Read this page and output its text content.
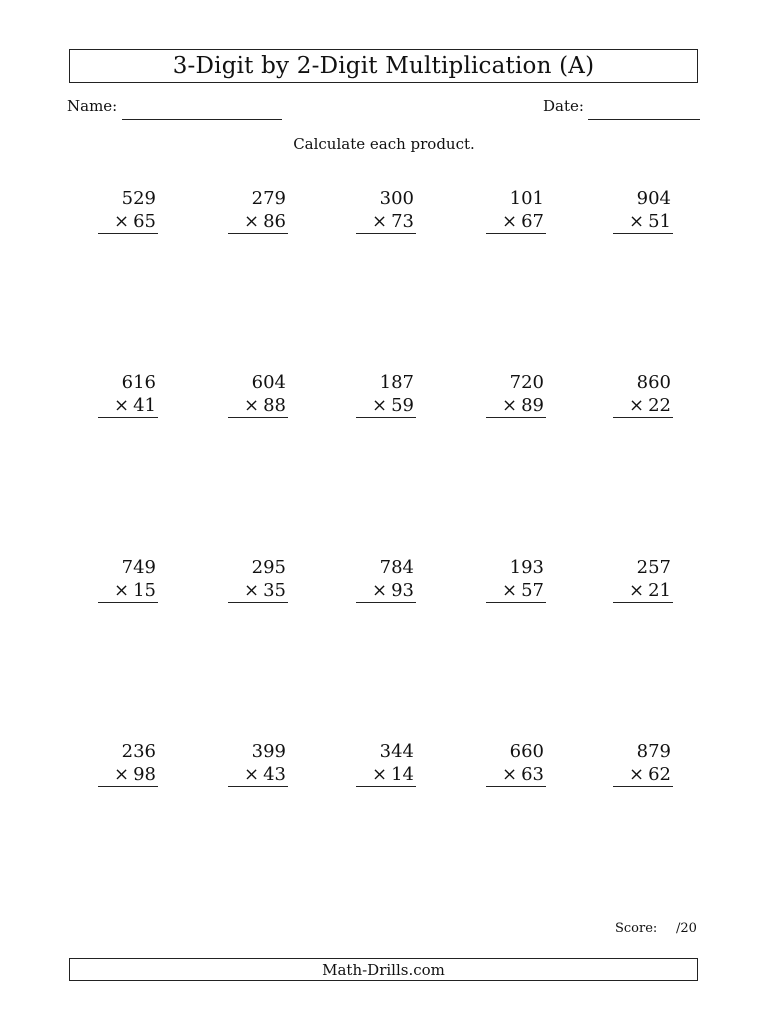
3-Digit by 2-Digit Multiplication (A)
Name:	Date:
Calculate each product.
529
× 65
279
× 86
300
× 73
101
× 67
904
× 51
616
× 41
604
× 88
187
× 59
720
× 89
860
× 22
749
× 15
295
× 35
784
× 93
193
× 57
257
× 21
236
× 98
399
× 43
344
× 14
660
× 63
879
× 62
Score: /20
Math-Drills.com
